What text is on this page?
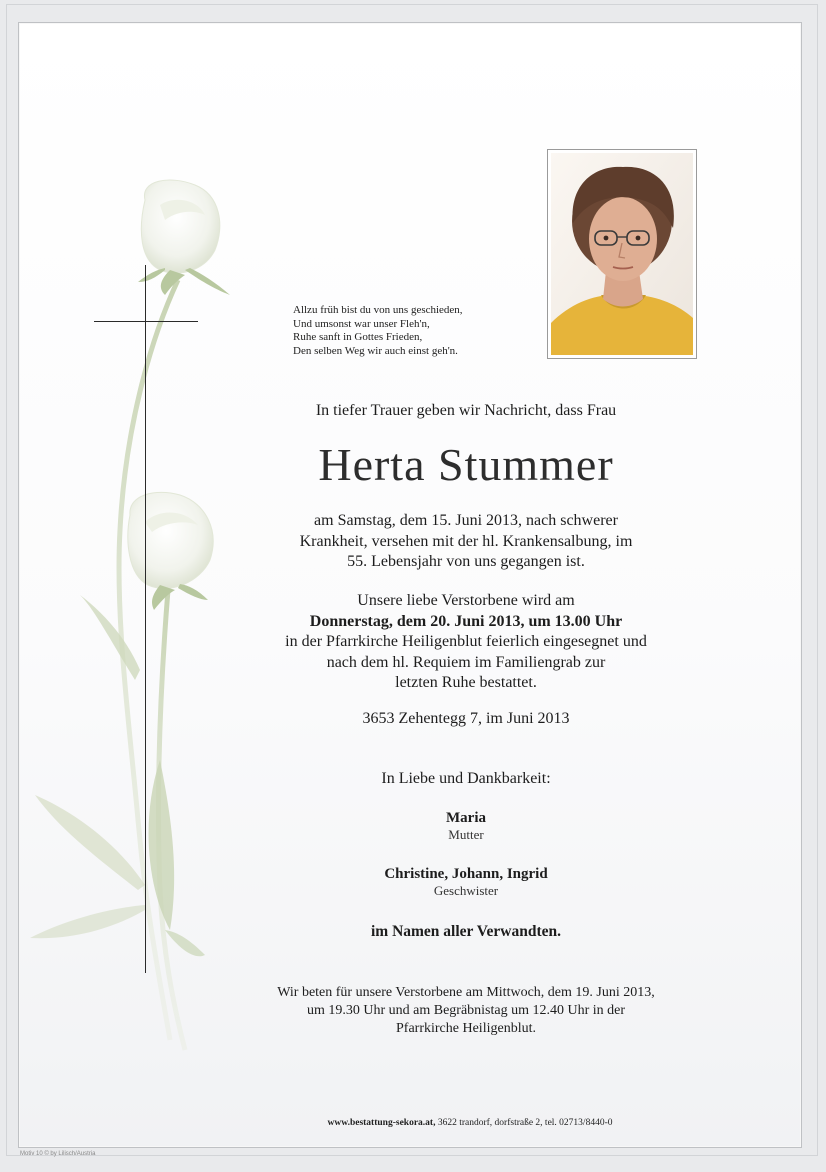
Allzu früh bist du von uns geschieden,
Und umsonst war unser Fleh'n,
Ruhe sanft in Gottes Frieden,
Den selben Weg wir auch einst geh'n.
In tiefer Trauer geben wir Nachricht, dass Frau
Herta Stummer
am Samstag, dem 15. Juni 2013, nach schwerer
Krankheit, versehen mit der hl. Krankensalbung, im
55. Lebensjahr von uns gegangen ist.
Unsere liebe Verstorbene wird am
Donnerstag, dem 20. Juni 2013, um 13.00 Uhr
in der Pfarrkirche Heiligenblut feierlich eingesegnet und
nach dem hl. Requiem im Familiengrab zur
letzten Ruhe bestattet.
3653 Zehentegg 7, im Juni 2013
In Liebe und Dankbarkeit:
Maria
Mutter
Christine, Johann, Ingrid
Geschwister
im Namen aller Verwandten.
Wir beten für unsere Verstorbene am Mittwoch, dem 19. Juni 2013,
um 19.30 Uhr und am Begräbnistag um 12.40 Uhr in der
Pfarrkirche Heiligenblut.
www.bestattung-sekora.at, 3622 trandorf, dorfstraße 2, tel. 02713/8440-0
Motiv 10 © by Lilisch/Austria
